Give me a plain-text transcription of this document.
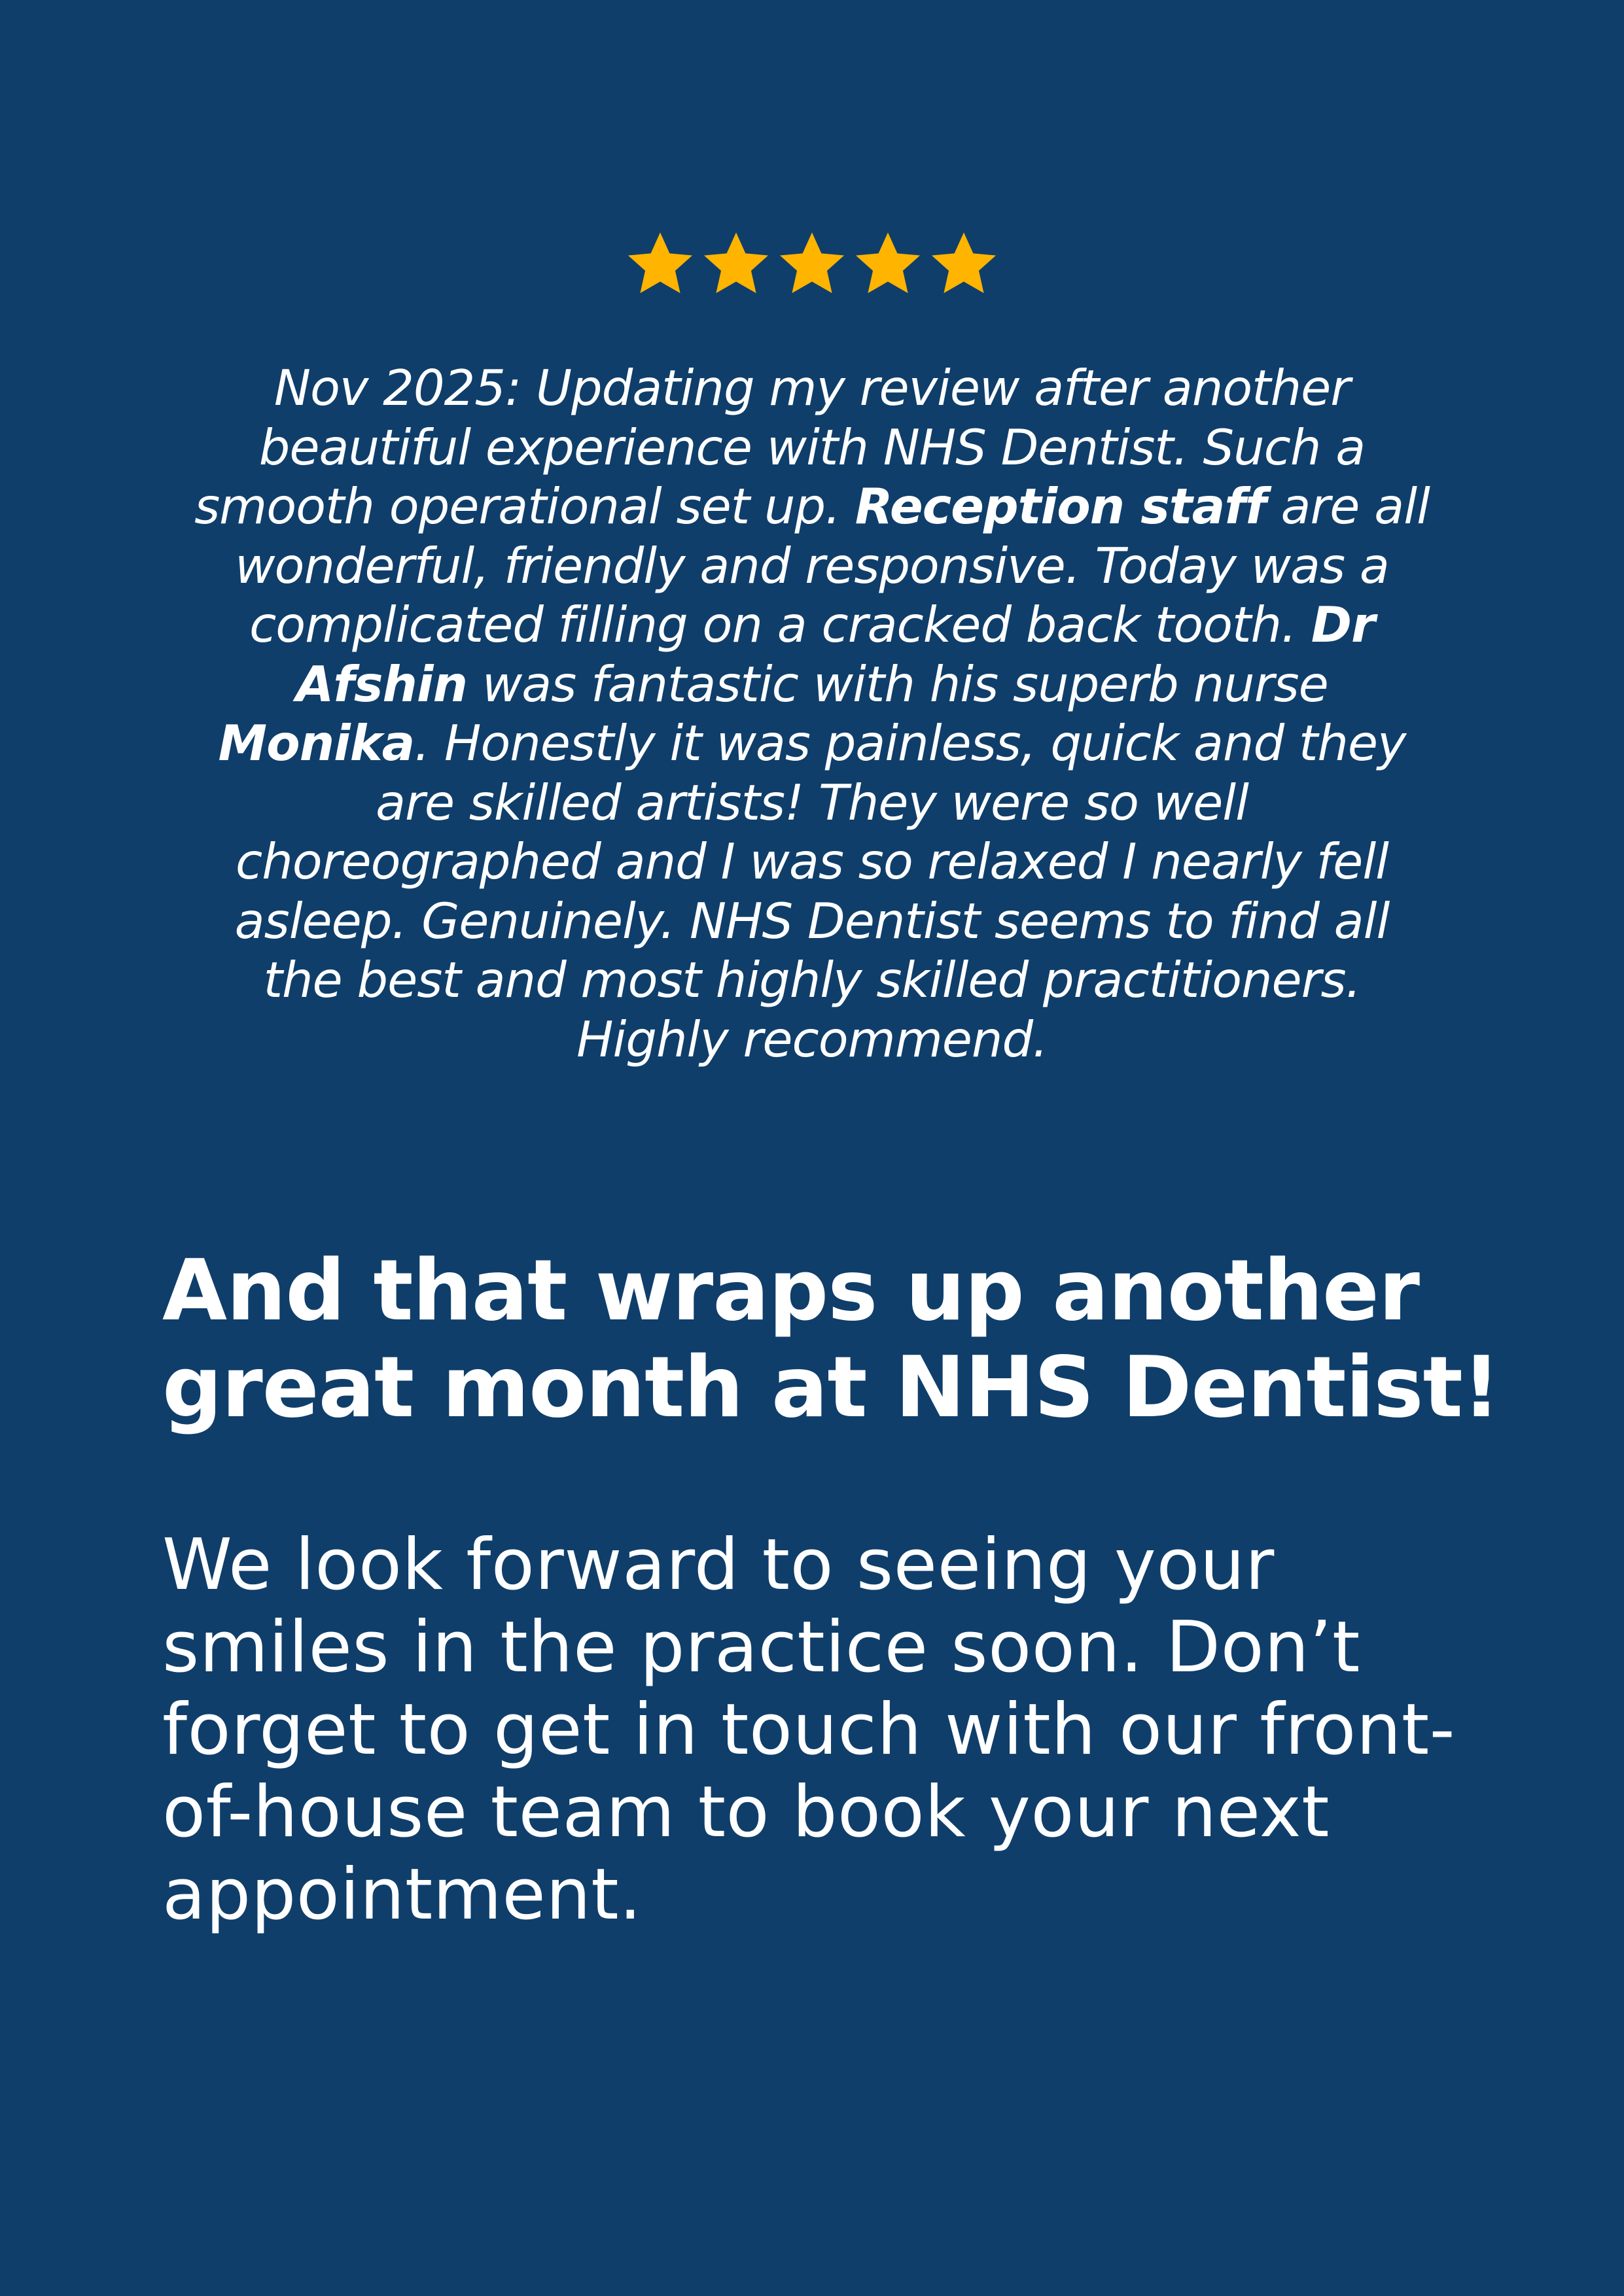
Nov 2025: Updating my review after another beautiful experience with NHS Dentist. Such a smooth operational set up. Reception staff are all wonderful, friendly and responsive. Today was a complicated filling on a cracked back tooth. Dr Afshin was fantastic with his superb nurse Monika. Honestly it was painless, quick and they are skilled artists! They were so well choreographed and I was so relaxed I nearly fell asleep. Genuinely. NHS Dentist seems to find all the best and most highly skilled practitioners. Highly recommend.

And that wraps up another
great month at NHS Dentist!

We look forward to seeing your
smiles in the practice soon. Don’t
forget to get in touch with our front-
of-house team to book your next
appointment.
